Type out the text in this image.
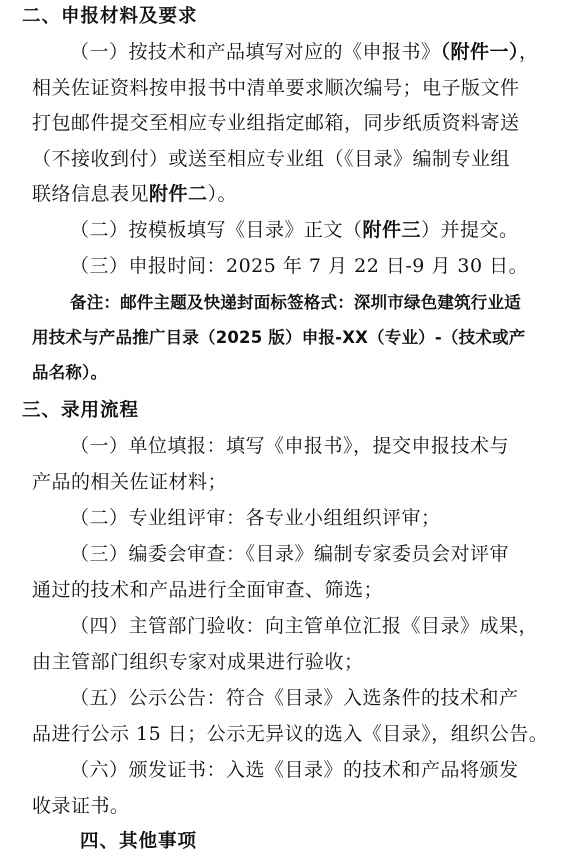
二、申报材料及要求
（一）按技术和产品填写对应的《申报书》（附件一），
相关佐证资料按申报书中清单要求顺次编号；电子版文件
打包邮件提交至相应专业组指定邮箱，同步纸质资料寄送
（不接收到付）或送至相应专业组（《目录》编制专业组
联络信息表见附件二）。
（二）按模板填写《目录》正文（附件三）并提交。
（三）申报时间：2025 年 7 月 22 日-9 月 30 日。
备注：邮件主题及快递封面标签格式：深圳市绿色建筑行业适
用技术与产品推广目录（2025 版）申报-XX（专业）-（技术或产
品名称）。
三、录用流程
（一）单位填报：填写《申报书》，提交申报技术与
产品的相关佐证材料；
（二）专业组评审：各专业小组组织评审；
（三）编委会审查：《目录》编制专家委员会对评审
通过的技术和产品进行全面审查、筛选；
（四）主管部门验收：向主管单位汇报《目录》成果，
由主管部门组织专家对成果进行验收；
（五）公示公告：符合《目录》入选条件的技术和产
品进行公示 15 日；公示无异议的选入《目录》，组织公告。
（六）颁发证书：入选《目录》的技术和产品将颁发
收录证书。
四、其他事项
